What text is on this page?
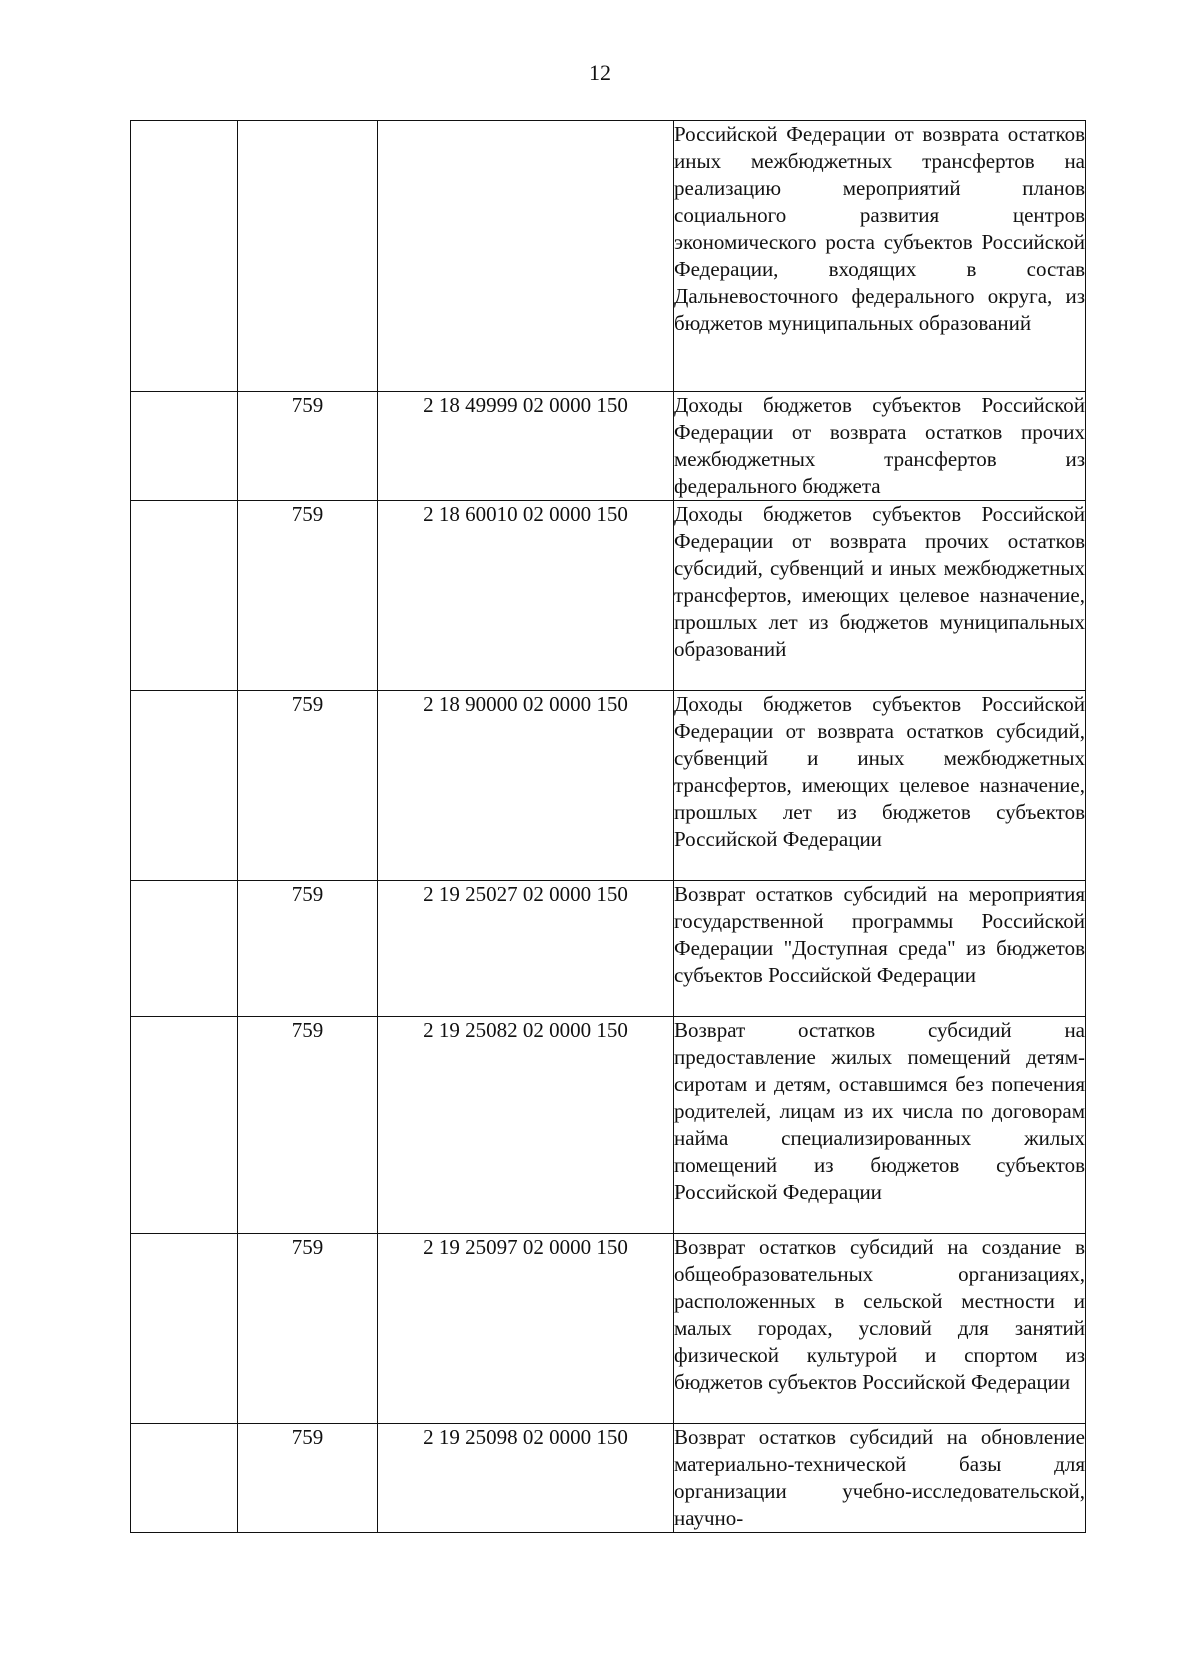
12
			Российской Федерации от возврата остатков иных межбюджетных трансфертов на реализацию мероприятий планов социального развития центров экономического роста субъектов Российской Федерации, входящих в состав Дальневосточного федерального округа, из бюджетов муниципальных образований
	759	2 18 49999 02 0000 150	Доходы бюджетов субъектов Российской Федерации от возврата остатков прочих межбюджетных трансфертов из федерального бюджета
	759	2 18 60010 02 0000 150	Доходы бюджетов субъектов Российской Федерации от возврата прочих остатков субсидий, субвенций и иных межбюджетных трансфертов, имеющих целевое назначение, прошлых лет из бюджетов муниципальных образований
	759	2 18 90000 02 0000 150	Доходы бюджетов субъектов Российской Федерации от возврата остатков субсидий, субвенций и иных межбюджетных трансфертов, имеющих целевое назначение, прошлых лет из бюджетов субъектов Российской Федерации
	759	2 19 25027 02 0000 150	Возврат остатков субсидий на мероприятия государственной программы Российской Федерации "Доступная среда" из бюджетов субъектов Российской Федерации
	759	2 19 25082 02 0000 150	Возврат остатков субсидий на предоставление жилых помещений детям-сиротам и детям, оставшимся без попечения родителей, лицам из их числа по договорам найма специализированных жилых помещений из бюджетов субъектов Российской Федерации
	759	2 19 25097 02 0000 150	Возврат остатков субсидий на создание в общеобразовательных организациях, расположенных в сельской местности и малых городах, условий для занятий физической культурой и спортом из бюджетов субъектов Российской Федерации
	759	2 19 25098 02 0000 150	Возврат остатков субсидий на обновление материально-технической базы для организации учебно-исследовательской, научно-
